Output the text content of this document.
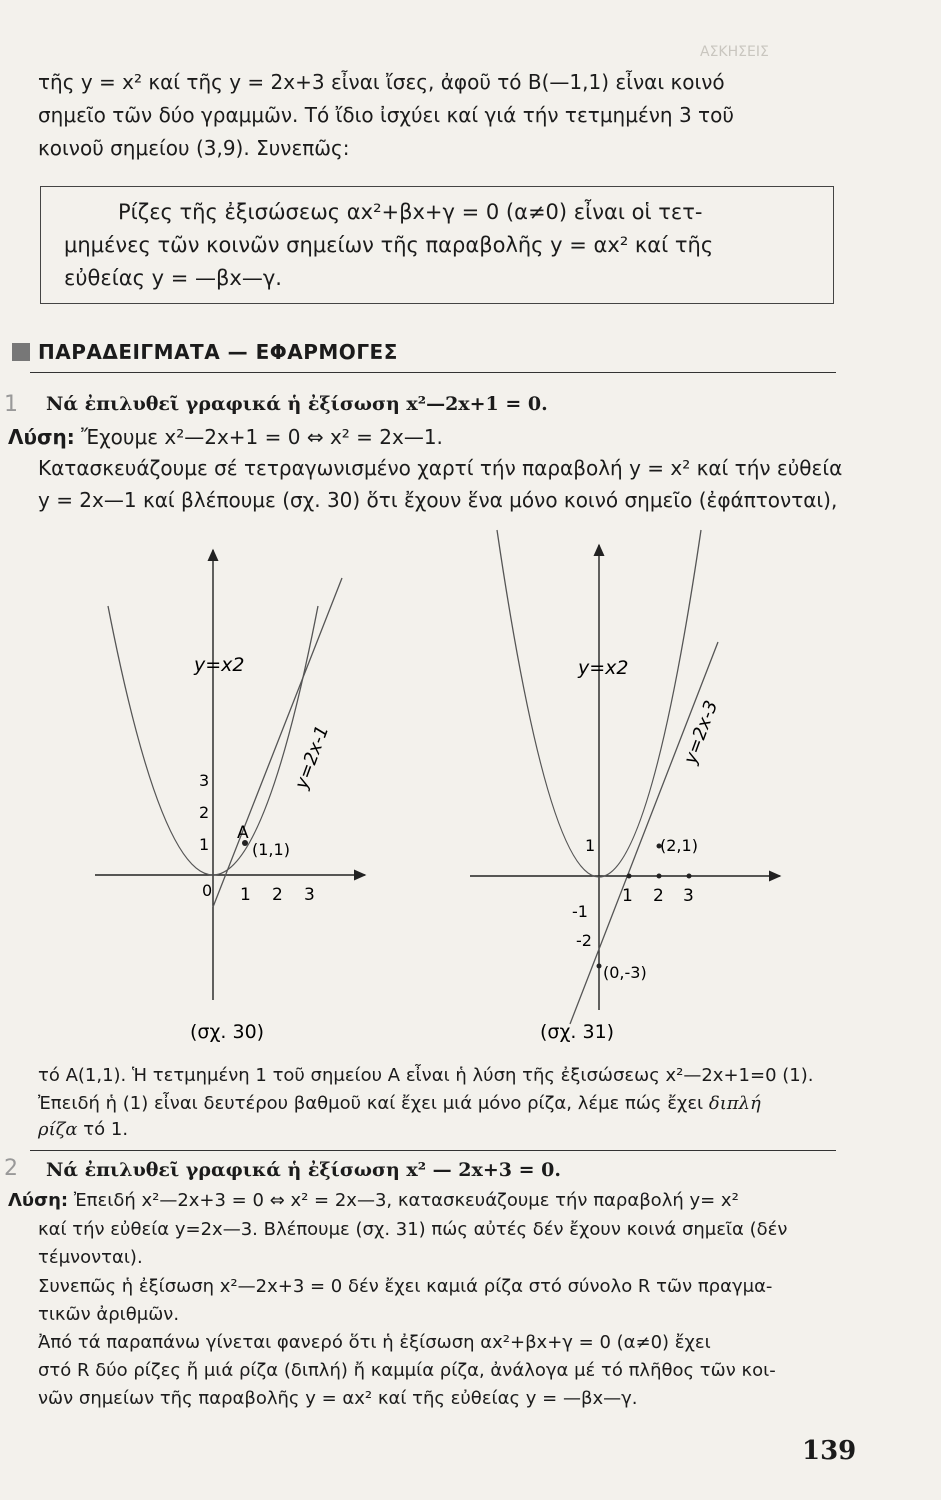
ΑΣΚΗΣΕΙΣ
τῆς y = x² καί τῆς y = 2x+3 εἶναι ἴσες, ἀφοῦ τό Β(—1,1) εἶναι κοινό
σημεῖο τῶν δύο γραμμῶν. Τό ἴδιο ἰσχύει καί γιά τήν τετμημένη 3 τοῦ
κοινοῦ σημείου (3,9). Συνεπῶς:
Ρίζες τῆς ἐξισώσεως αx²+βx+γ = 0 (α≠0) εἶναι οἱ τετ-
μημένες τῶν κοινῶν σημείων τῆς παραβολῆς y = αx² καί τῆς
εὐθείας y = —βx—γ.
ΠΑΡΑΔΕΙΓΜΑΤΑ — ΕΦΑΡΜΟΓΕΣ
1 Νά ἐπιλυθεῖ γραφικά ἡ ἐξίσωση x²—2x+1 = 0.
Λύση: Ἔχουμε x²—2x+1 = 0 ⇔ x² = 2x—1.
Κατασκευάζουμε σέ τετραγωνισμένο χαρτί τήν παραβολή y = x² καί τήν εὐθεία
y = 2x—1 καί βλέπουμε (σχ. 30) ὅτι ἔχουν ἕνα μόνο κοινό σημεῖο (ἐφάπτονται),
y=x2
y=2x-1
A
(1,1)
0 1 2 3
1
2
3
(σχ. 30)
y=x2
y=2x-3
(2,1)
(0,-3)
1 2 3
1
-1
-2
(σχ. 31)
τό Α(1,1). Ἡ τετμημένη 1 τοῦ σημείου Α εἶναι ἡ λύση τῆς ἐξισώσεως x²—2x+1=0 (1).
Ἐπειδή ἡ (1) εἶναι δευτέρου βαθμοῦ καί ἔχει μιά μόνο ρίζα, λέμε πώς ἔχει διπλή
ρίζα τό 1.
2 Νά ἐπιλυθεῖ γραφικά ἡ ἐξίσωση x² — 2x+3 = 0.
Λύση: Ἐπειδή x²—2x+3 = 0 ⇔ x² = 2x—3, κατασκευάζουμε τήν παραβολή y= x²
καί τήν εὐθεία y=2x—3. Βλέπουμε (σχ. 31) πώς αὐτές δέν ἔχουν κοινά σημεῖα (δέν
τέμνονται).
Συνεπῶς ἡ ἐξίσωση x²—2x+3 = 0 δέν ἔχει καμιά ρίζα στό σύνολο R τῶν πραγμα-
τικῶν ἀριθμῶν.
Ἀπό τά παραπάνω γίνεται φανερό ὅτι ἡ ἐξίσωση αx²+βx+γ = 0 (α≠0) ἔχει
στό R δύο ρίζες ἤ μιά ρίζα (διπλή) ἤ καμμία ρίζα, ἀνάλογα μέ τό πλῆθος τῶν κοι-
νῶν σημείων τῆς παραβολῆς y = αx² καί τῆς εὐθείας y = —βx—γ.
139
